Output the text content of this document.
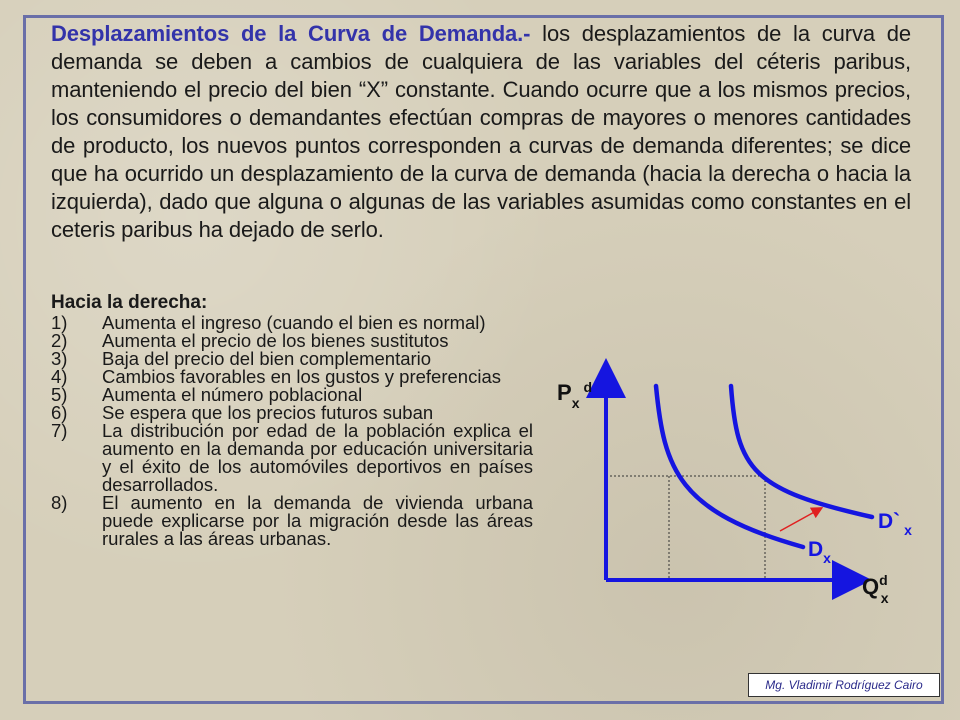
Desplazamientos de la Curva de Demanda.- los desplazamientos de la curva de demanda se deben a cambios de cualquiera de las variables del céteris paribus, manteniendo el precio del bien “X” constante. Cuando ocurre que a los mismos precios, los consumidores o demandantes efectúan compras de mayores o menores cantidades de producto, los nuevos puntos corresponden a curvas de demanda diferentes; se dice que ha ocurrido un desplazamiento de la curva de demanda (hacia la derecha o hacia la izquierda), dado que alguna o algunas de las variables asumidas como constantes en el ceteris paribus ha dejado de serlo.
Hacia la derecha:
1)	Aumenta el ingreso (cuando el bien es normal)
2)	Aumenta el precio de los bienes sustitutos
3)	Baja del precio del bien complementario
4)	Cambios favorables en los gustos y preferencias
5)	Aumenta el número poblacional
6)	Se espera que los precios futuros suban
7)	La distribución por edad de la población explica el aumento en la demanda por educación universitaria y el éxito de los automóviles deportivos en países desarrollados.
8)	El aumento en la demanda de vivienda urbana puede explicarse por la migración desde las áreas rurales a las áreas urbanas.
$P_x^d$
$Q^d$ x
$D_x$
D` $_x$
Mg. Vladimir Rodríguez Cairo
